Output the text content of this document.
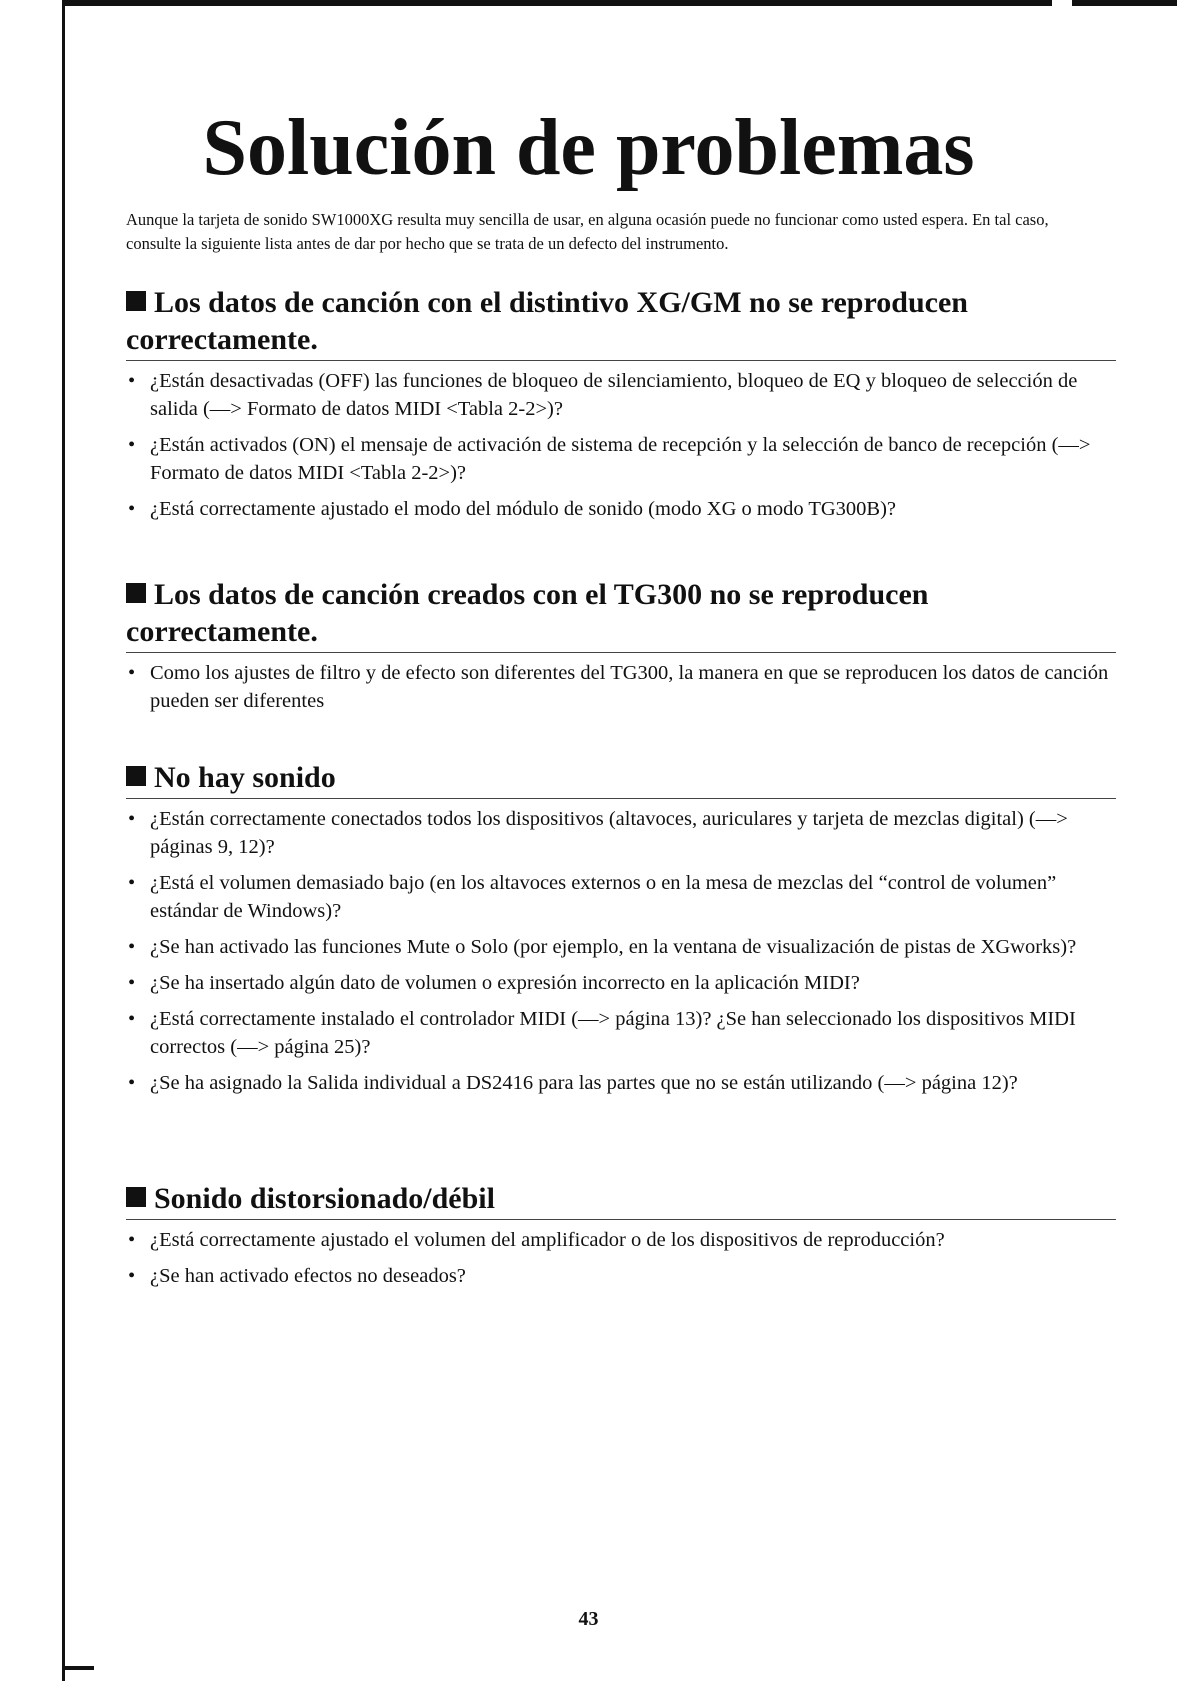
Solución de problemas

Aunque la tarjeta de sonido SW1000XG resulta muy sencilla de usar, en alguna ocasión puede no funcionar como usted espera. En tal caso, consulte la siguiente lista antes de dar por hecho que se trata de un defecto del instrumento.

Los datos de canción con el distintivo XG/GM no se reproducen correctamente.
• ¿Están desactivadas (OFF) las funciones de bloqueo de silenciamiento, bloqueo de EQ y bloqueo de selección de salida (—> Formato de datos MIDI <Tabla 2-2>)?
• ¿Están activados (ON) el mensaje de activación de sistema de recepción y la selección de banco de recepción (—> Formato de datos MIDI <Tabla 2-2>)?
• ¿Está correctamente ajustado el modo del módulo de sonido (modo XG o modo TG300B)?
Los datos de canción creados con el TG300 no se reproducen correctamente.
• Como los ajustes de filtro y de efecto son diferentes del TG300, la manera en que se reproducen los datos de canción pueden ser diferentes
No hay sonido
• ¿Están correctamente conectados todos los dispositivos (altavoces, auriculares y tarjeta de mezclas digital) (—> páginas 9, 12)?
• ¿Está el volumen demasiado bajo (en los altavoces externos o en la mesa de mezclas del “control de volumen” estándar de Windows)?
• ¿Se han activado las funciones Mute o Solo (por ejemplo, en la ventana de visualización de pistas de XGworks)?
• ¿Se ha insertado algún dato de volumen o expresión incorrecto en la aplicación MIDI?
• ¿Está correctamente instalado el controlador MIDI (—> página 13)? ¿Se han seleccionado los dispositivos MIDI correctos (—> página 25)?
• ¿Se ha asignado la Salida individual a DS2416 para las partes que no se están utilizando (—> página 12)?
Sonido distorsionado/débil
• ¿Está correctamente ajustado el volumen del amplificador o de los dispositivos de reproducción?
• ¿Se han activado efectos no deseados?
43
